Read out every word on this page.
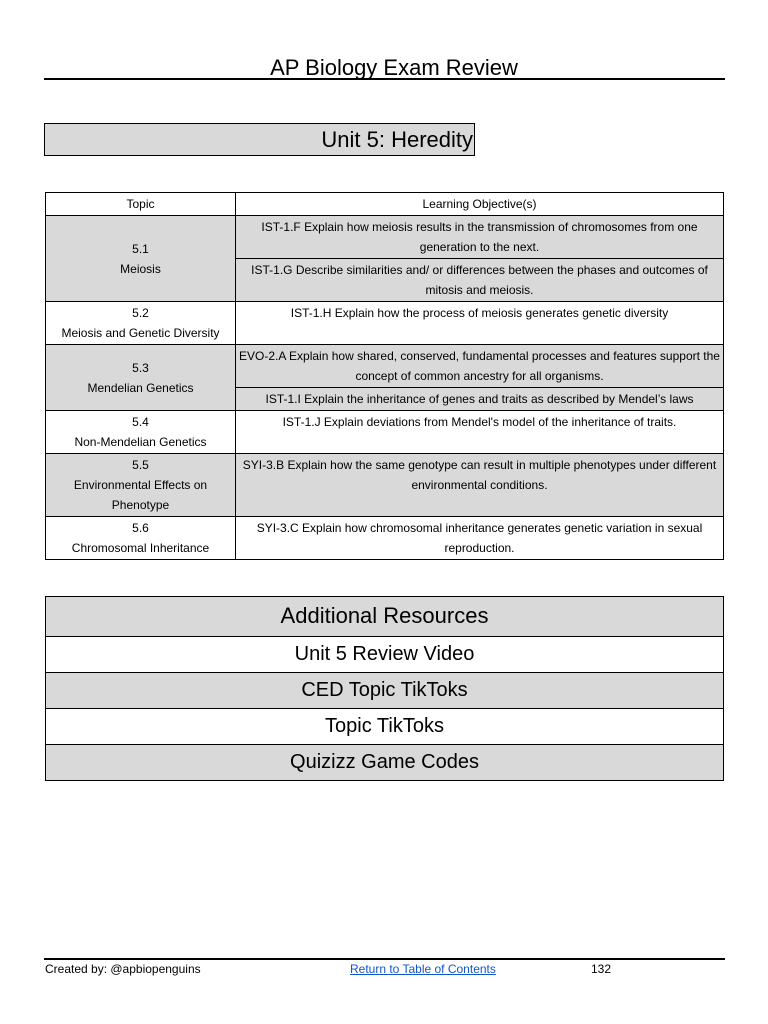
AP Biology Exam Review
Unit 5: Heredity
Topic	Learning Objective(s)

5.1
Meiosis	IST-1.F Explain how meiosis results in the transmission of chromosomes from one generation to the next.
	IST-1.G Describe similarities and/ or differences between the phases and outcomes of mitosis and meiosis.

5.2
Meiosis and Genetic Diversity	IST-1.H Explain how the process of meiosis generates genetic diversity

5.3
Mendelian Genetics	EVO-2.A Explain how shared, conserved, fundamental processes and features support the concept of common ancestry for all organisms.
	IST-1.I Explain the inheritance of genes and traits as described by Mendel’s laws

5.4
Non-Mendelian Genetics	IST-1.J Explain deviations from Mendel's model of the inheritance of traits.

5.5
Environmental Effects on Phenotype	SYI-3.B Explain how the same genotype can result in multiple phenotypes under different environmental conditions.

5.6
Chromosomal Inheritance	SYI-3.C Explain how chromosomal inheritance generates genetic variation in sexual reproduction.
Additional Resources
Unit 5 Review Video
CED Topic TikToks
Topic TikToks
Quizizz Game Codes
Created by: @apbiopenguins	Return to Table of Contents	132
